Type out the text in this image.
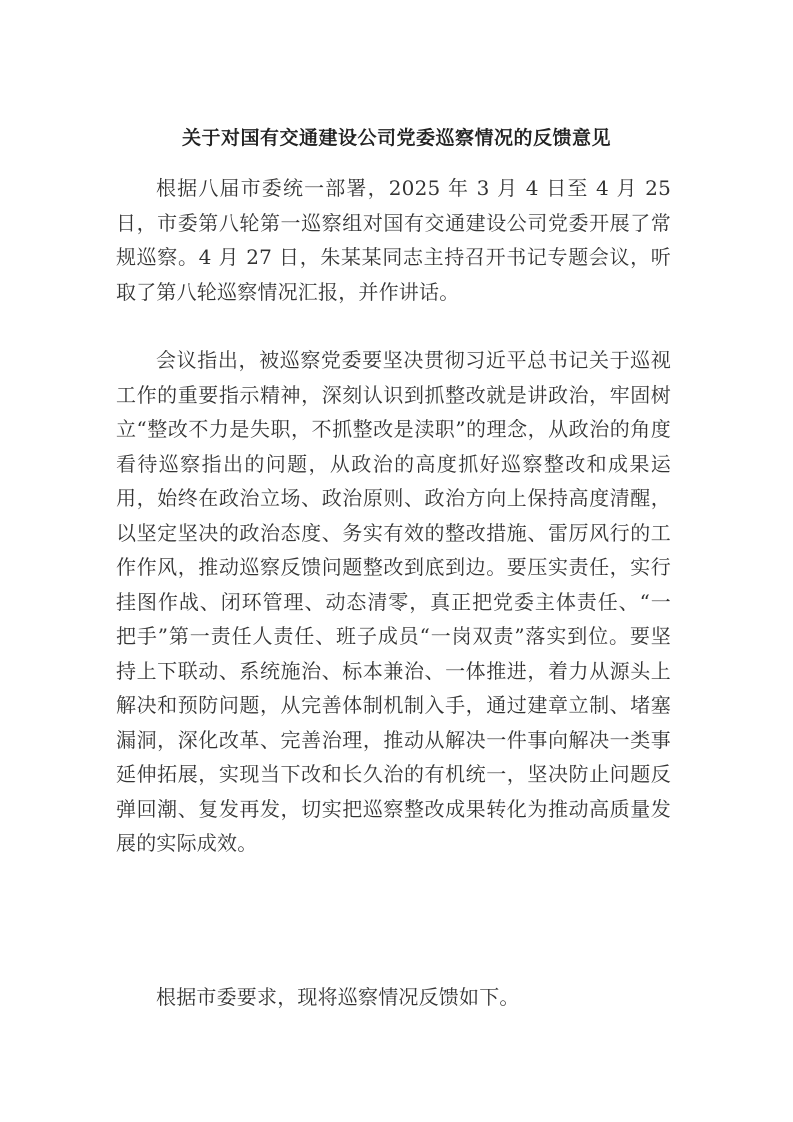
关于对国有交通建设公司党委巡察情况的反馈意见

根据八届市委统一部署，2025 年 3 月 4 日至 4 月 25 日，市委第八轮第一巡察组对国有交通建设公司党委开展了常规巡察。4 月 27 日，朱某某同志主持召开书记专题会议，听取了第八轮巡察情况汇报，并作讲话。

会议指出，被巡察党委要坚决贯彻习近平总书记关于巡视工作的重要指示精神，深刻认识到抓整改就是讲政治，牢固树立“整改不力是失职，不抓整改是渎职”的理念，从政治的角度看待巡察指出的问题，从政治的高度抓好巡察整改和成果运用，始终在政治立场、政治原则、政治方向上保持高度清醒，以坚定坚决的政治态度、务实有效的整改措施、雷厉风行的工作作风，推动巡察反馈问题整改到底到边。要压实责任，实行挂图作战、闭环管理、动态清零，真正把党委主体责任、“一把手”第一责任人责任、班子成员“一岗双责”落实到位。要坚持上下联动、系统施治、标本兼治、一体推进，着力从源头上解决和预防问题，从完善体制机制入手，通过建章立制、堵塞漏洞，深化改革、完善治理，推动从解决一件事向解决一类事延伸拓展，实现当下改和长久治的有机统一，坚决防止问题反弹回潮、复发再发，切实把巡察整改成果转化为推动高质量发展的实际成效。

根据市委要求，现将巡察情况反馈如下。
